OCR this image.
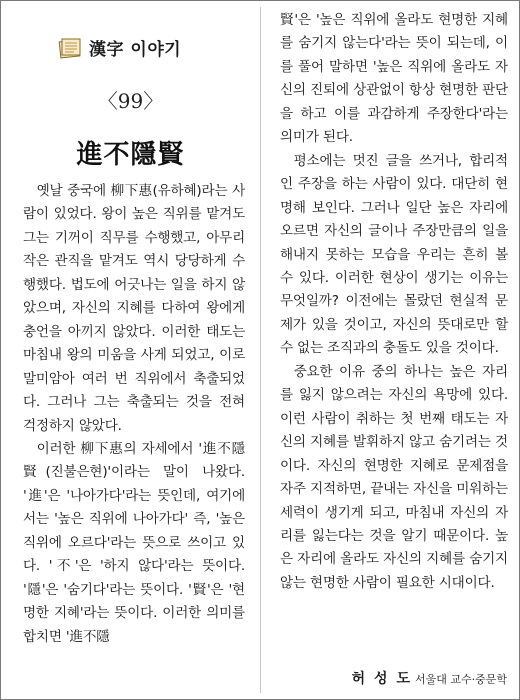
漢字 이야기
〈99〉
進不隱賢

옛날 중국에 柳下惠(유하혜)라는 사람이 있었다. 왕이 높은 직위를 맡겨도 그는 기꺼이 직무를 수행했고, 아무리 작은 관직을 맡겨도 역시 당당하게 수행했다. 법도에 어긋나는 일을 하지 않았으며, 자신의 지혜를 다하여 왕에게 충언을 아끼지 않았다. 이러한 태도는 마침내 왕의 미움을 사게 되었고, 이로 말미암아 여러 번 직위에서 축출되었다. 그러나 그는 축출되는 것을 전혀 걱정하지 않았다.

이러한 柳下惠의 자세에서 '進不隱賢(진불은현)'이라는 말이 나왔다. '進'은 '나아가다'라는 뜻인데, 여기에서는 '높은 직위에 나아가다' 즉, '높은 직위에 오르다'라는 뜻으로 쓰이고 있다. '不'은 '하지 않다'라는 뜻이다. '隱'은 '숨기다'라는 뜻이다. '賢'은 '현명한 지혜'라는 뜻이다. 이러한 의미를 합치면 '進不隱

賢'은 '높은 직위에 올라도 현명한 지혜를 숨기지 않는다'라는 뜻이 되는데, 이를 풀어 말하면 '높은 직위에 올라도 자신의 진퇴에 상관없이 항상 현명한 판단을 하고 이를 과감하게 주장한다'라는 의미가 된다.

평소에는 멋진 글을 쓰거나, 합리적인 주장을 하는 사람이 있다. 대단히 현명해 보인다. 그러나 일단 높은 자리에 오르면 자신의 글이나 주장만큼의 일을 해내지 못하는 모습을 우리는 흔히 볼 수 있다. 이러한 현상이 생기는 이유는 무엇일까? 이전에는 몰랐던 현실적 문제가 있을 것이고, 자신의 뜻대로만 할 수 없는 조직과의 충돌도 있을 것이다.

중요한 이유 중의 하나는 높은 자리를 잃지 않으려는 자신의 욕망에 있다. 이런 사람이 취하는 첫 번째 태도는 자신의 지혜를 발휘하지 않고 숨기려는 것이다. 자신의 현명한 지혜로 문제점을 자주 지적하면, 끝내는 자신을 미워하는 세력이 생기게 되고, 마침내 자신의 자리를 잃는다는 것을 알기 때문이다. 높은 자리에 올라도 자신의 지혜를 숨기지 않는 현명한 사람이 필요한 시대이다.

허 성 도 서울대 교수·중문학
